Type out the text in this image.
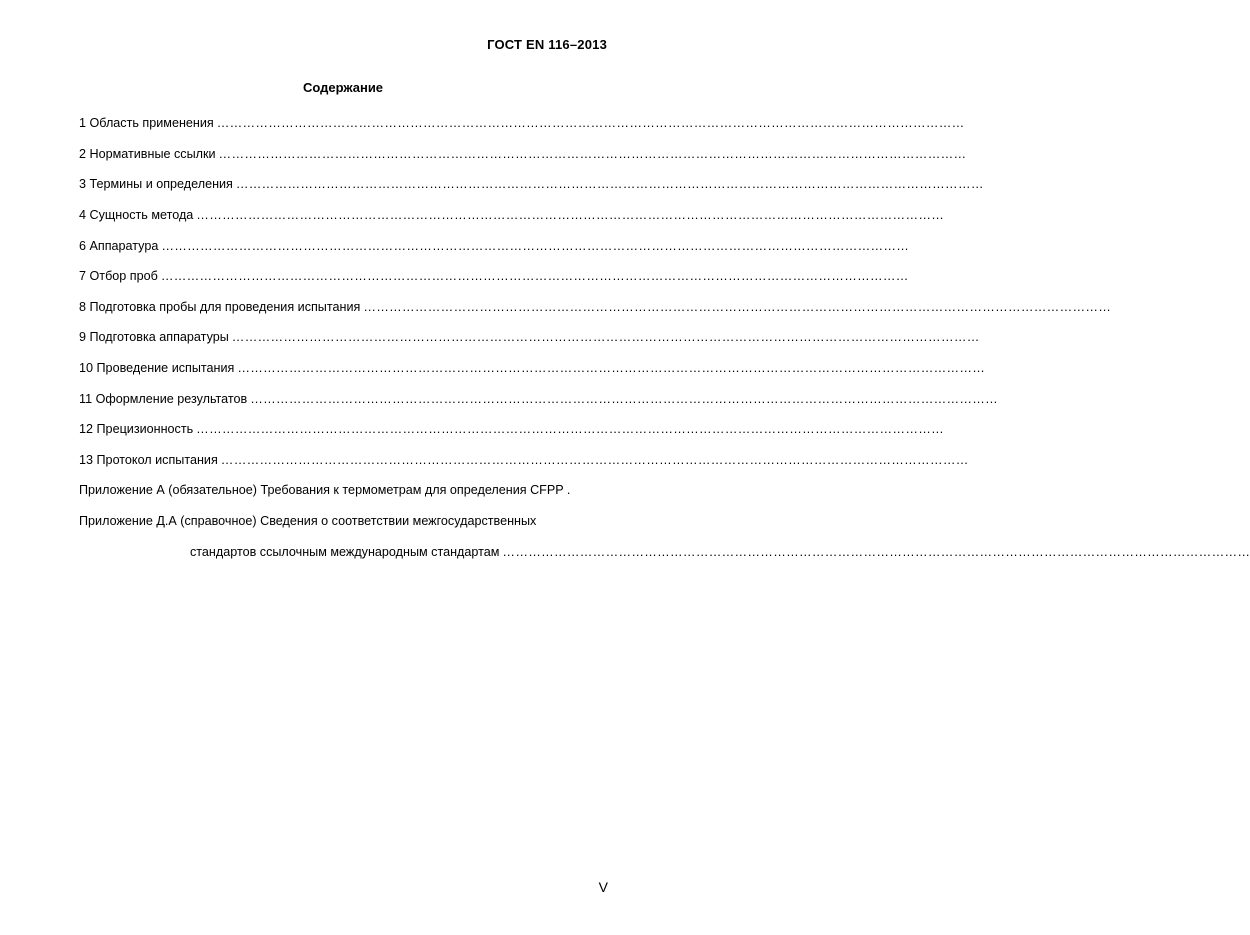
ГОСТ EN 116–2013
Содержание
1 Область применения …………………………………………………………………………………………………………………………………………………………
2 Нормативные ссылки …………………………………………………………………………………………………………………………………………………………
3 Термины и определения …………………………………………………………………………………………………………………………………………………………
4 Сущность метода …………………………………………………………………………………………………………………………………………………………
6 Аппаратура …………………………………………………………………………………………………………………………………………………………
7 Отбор проб …………………………………………………………………………………………………………………………………………………………
8 Подготовка пробы для проведения испытания …………………………………………………………………………………………………………………………………………………………
9 Подготовка аппаратуры …………………………………………………………………………………………………………………………………………………………
10 Проведение испытания …………………………………………………………………………………………………………………………………………………………
11 Оформление результатов …………………………………………………………………………………………………………………………………………………………
12 Прецизионность …………………………………………………………………………………………………………………………………………………………
13 Протокол испытания …………………………………………………………………………………………………………………………………………………………
Приложение А (обязательное) Требования к термометрам для определения CFPP .
Приложение Д.А (справочное) Сведения о соответствии межгосударственных
стандартов ссылочным международным стандартам …………………………………………………………………………………………………………………………………………………………
V
